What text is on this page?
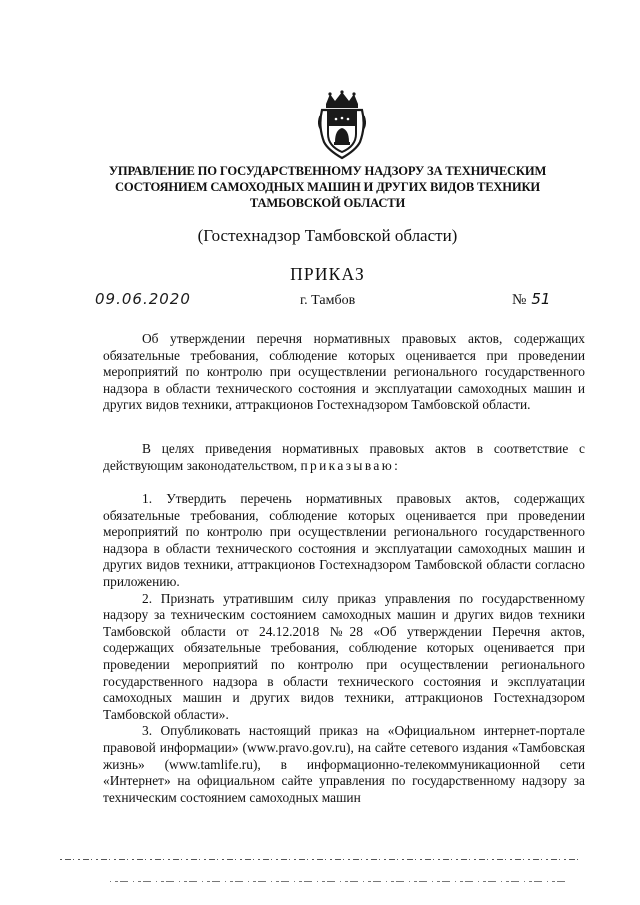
УПРАВЛЕНИЕ ПО ГОСУДАРСТВЕННОМУ НАДЗОРУ ЗА ТЕХНИЧЕСКИМ
СОСТОЯНИЕМ САМОХОДНЫХ МАШИН И ДРУГИХ ВИДОВ ТЕХНИКИ
ТАМБОВСКОЙ ОБЛАСТИ
(Гостехнадзор Тамбовской области)
ПРИКАЗ
09.06.2020	г. Тамбов	№ 51

Об утверждении перечня нормативных правовых актов, содержащих обязательные требования, соблюдение которых оценивается при проведении мероприятий по контролю при осуществлении регионального государственного надзора в области технического состояния и эксплуатации самоходных машин и других видов техники, аттракционов Гостехнадзором Тамбовской области.

В целях приведения нормативных правовых актов в соответствие с действующим законодательством, приказываю:

1. Утвердить перечень нормативных правовых актов, содержащих обязательные требования, соблюдение которых оценивается при проведении мероприятий по контролю при осуществлении регионального государственного надзора в области технического состояния и эксплуатации самоходных машин и других видов техники, аттракционов Гостехнадзором Тамбовской области согласно приложению.

2. Признать утратившим силу приказ управления по государственному надзору за техническим состоянием самоходных машин и других видов техники Тамбовской области от 24.12.2018 №28 «Об утверждении Перечня актов, содержащих обязательные требования, соблюдение которых оценивается при проведении мероприятий по контролю при осуществлении регионального государственного надзора в области технического состояния и эксплуатации самоходных машин и других видов техники, аттракционов Гостехнадзором Тамбовской области».

3. Опубликовать настоящий приказ на «Официальном интернет-портале правовой информации» (www.pravo.gov.ru), на сайте сетевого издания «Тамбовская жизнь» (www.tamlife.ru), в информационно-телекоммуникационной сети «Интернет» на официальном сайте управления по государственному надзору за техническим состоянием самоходных машин
